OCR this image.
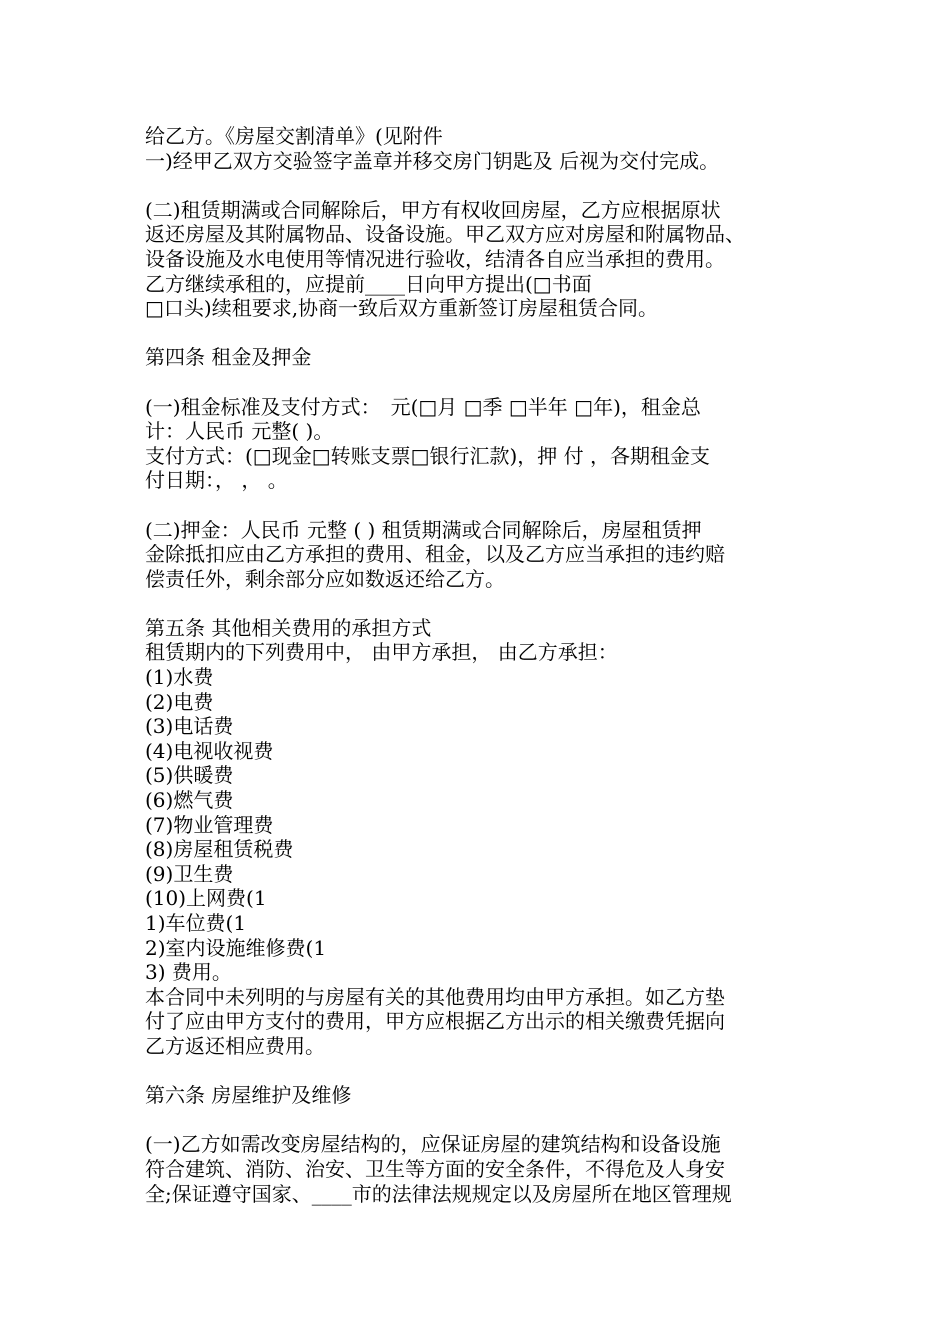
给乙方。《房屋交割清单》(见附件
一)经甲乙双方交验签字盖章并移交房门钥匙及 后视为交付完成。
(二)租赁期满或合同解除后，甲方有权收回房屋，乙方应根据原状
返还房屋及其附属物品、设备设施。甲乙双方应对房屋和附属物品、
设备设施及水电使用等情况进行验收，结清各自应当承担的费用。
乙方继续承租的，应提前____日向甲方提出(□书面
□口头)续租要求,协商一致后双方重新签订房屋租赁合同。
第四条 租金及押金
(一)租金标准及支付方式：　元(□月 □季 □半年 □年)，租金总
计：人民币 元整( )。
支付方式：(□现金□转账支票□银行汇款)，押 付 ，各期租金支
付日期：， ， 。
(二)押金：人民币 元整 ( ) 租赁期满或合同解除后，房屋租赁押
金除抵扣应由乙方承担的费用、租金，以及乙方应当承担的违约赔
偿责任外，剩余部分应如数返还给乙方。
第五条 其他相关费用的承担方式
租赁期内的下列费用中， 由甲方承担， 由乙方承担：
(1)水费
(2)电费
(3)电话费
(4)电视收视费
(5)供暖费
(6)燃气费
(7)物业管理费
(8)房屋租赁税费
(9)卫生费
(10)上网费(1
1)车位费(1
2)室内设施维修费(1
3) 费用。
本合同中未列明的与房屋有关的其他费用均由甲方承担。如乙方垫
付了应由甲方支付的费用，甲方应根据乙方出示的相关缴费凭据向
乙方返还相应费用。
第六条 房屋维护及维修
(一)乙方如需改变房屋结构的，应保证房屋的建筑结构和设备设施
符合建筑、消防、治安、卫生等方面的安全条件，不得危及人身安
全;保证遵守国家、____市的法律法规规定以及房屋所在地区管理规
